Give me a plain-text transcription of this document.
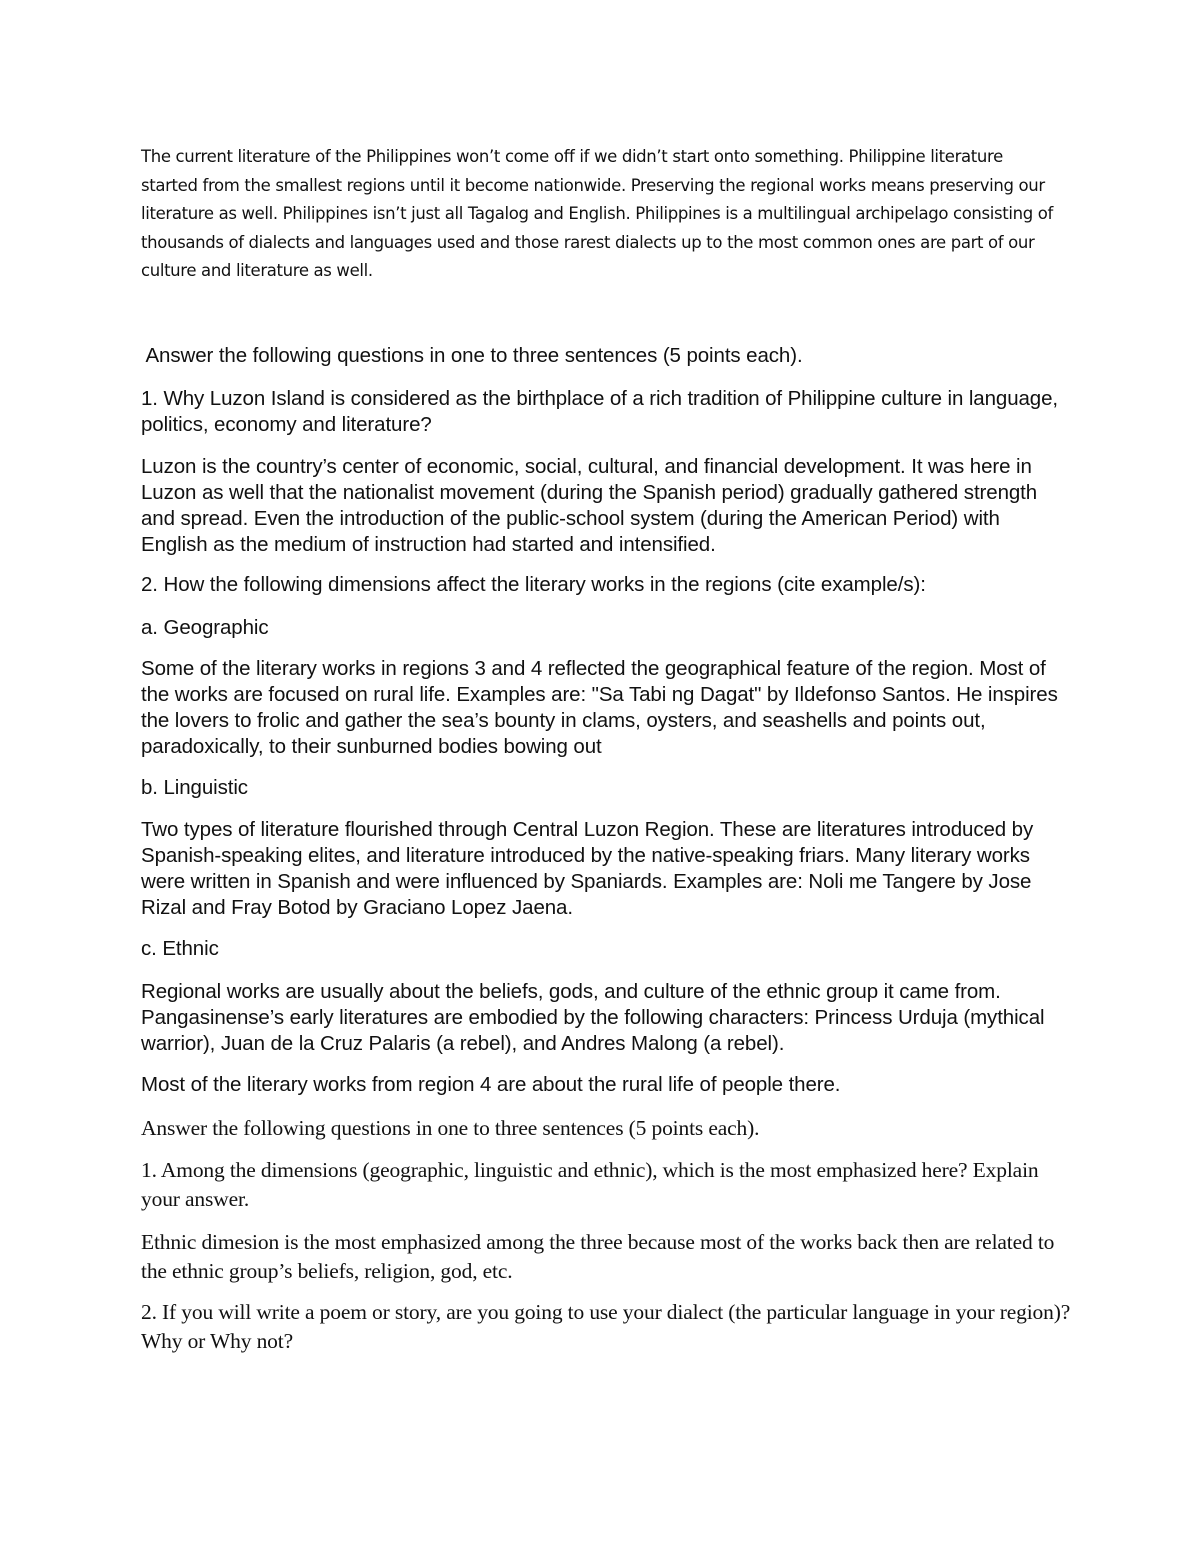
The current literature of the Philippines won’t come off if we didn’t start onto something. Philippine literature started from the smallest regions until it become nationwide. Preserving the regional works means preserving our literature as well. Philippines isn’t just all Tagalog and English. Philippines is a multilingual archipelago consisting of thousands of dialects and languages used and those rarest dialects up to the most common ones are part of our culture and literature as well.

Answer the following questions in one to three sentences (5 points each).

1. Why Luzon Island is considered as the birthplace of a rich tradition of Philippine culture in language, politics, economy and literature?

Luzon is the country’s center of economic, social, cultural, and financial development. It was here in Luzon as well that the nationalist movement (during the Spanish period) gradually gathered strength and spread. Even the introduction of the public-school system (during the American Period) with English as the medium of instruction had started and intensified.

2. How the following dimensions affect the literary works in the regions (cite example/s):

a. Geographic

Some of the literary works in regions 3 and 4 reflected the geographical feature of the region. Most of the works are focused on rural life. Examples are: "Sa Tabi ng Dagat" by Ildefonso Santos. He inspires the lovers to frolic and gather the sea’s bounty in clams, oysters, and seashells and points out, paradoxically, to their sunburned bodies bowing out

b. Linguistic

Two types of literature flourished through Central Luzon Region. These are literatures introduced by Spanish-speaking elites, and literature introduced by the native-speaking friars. Many literary works were written in Spanish and were influenced by Spaniards. Examples are: Noli me Tangere by Jose Rizal and Fray Botod by Graciano Lopez Jaena.

c. Ethnic

Regional works are usually about the beliefs, gods, and culture of the ethnic group it came from. Pangasinense’s early literatures are embodied by the following characters: Princess Urduja (mythical warrior), Juan de la Cruz Palaris (a rebel), and Andres Malong (a rebel).

Most of the literary works from region 4 are about the rural life of people there.

Answer the following questions in one to three sentences (5 points each).

1. Among the dimensions (geographic, linguistic and ethnic), which is the most emphasized here? Explain your answer.

Ethnic dimesion is the most emphasized among the three because most of the works back then are related to the ethnic group’s beliefs, religion, god, etc.

2. If you will write a poem or story, are you going to use your dialect (the particular language in your region)? Why or Why not?
